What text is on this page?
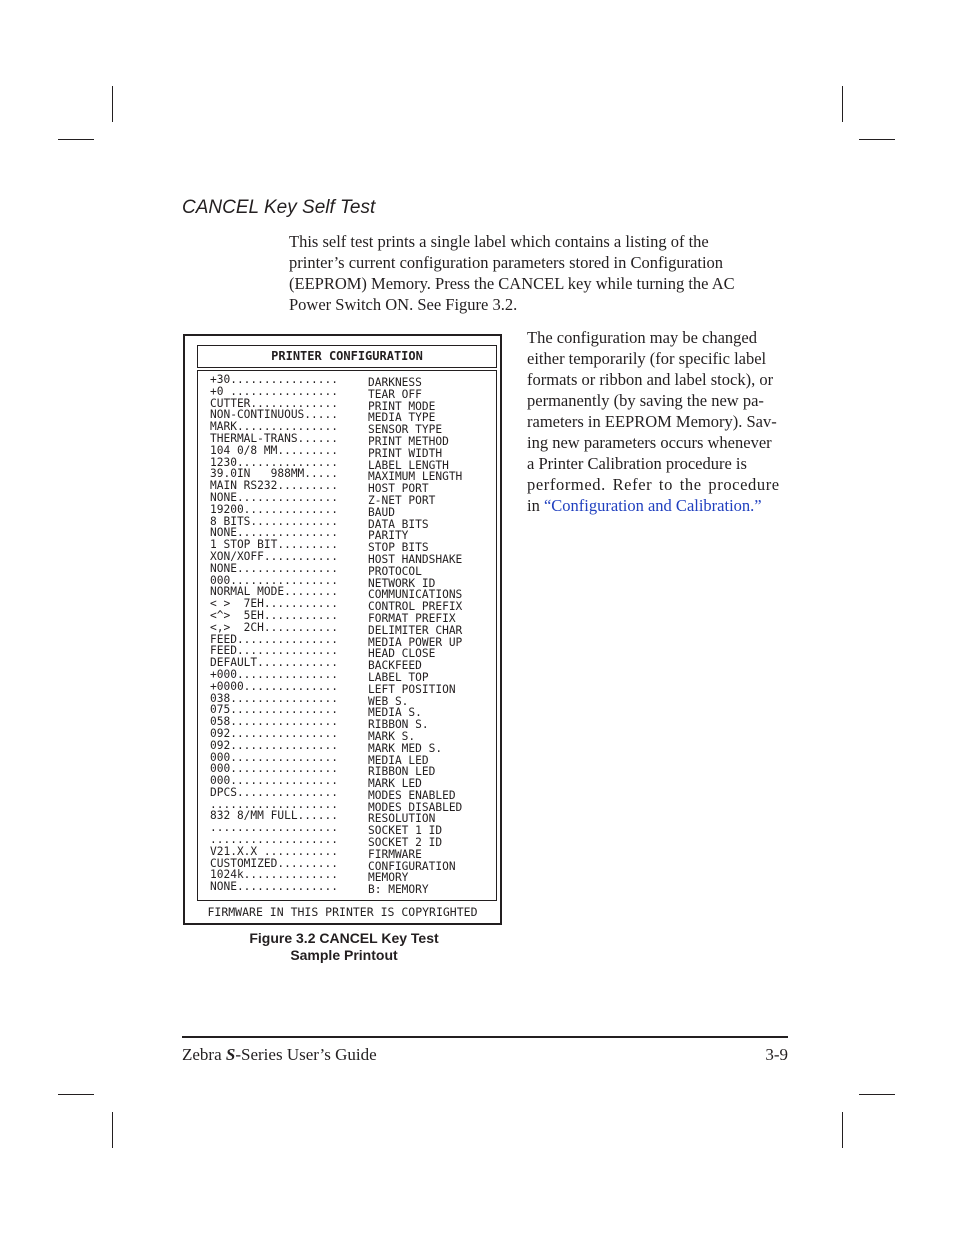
CANCEL Key Self Test

This self test prints a single label which contains a listing of the
printer’s current configuration parameters stored in Configuration
(EEPROM) Memory. Press the CANCEL key while turning the AC
Power Switch ON. See Figure 3.2.

PRINTER CONFIGURATION
+30................	DARKNESS
+0 ................	TEAR OFF
CUTTER.............	PRINT MODE
NON-CONTINUOUS.....	MEDIA TYPE
MARK...............	SENSOR TYPE
THERMAL-TRANS......	PRINT METHOD
104 0/8 MM.........	PRINT WIDTH
1230...............	LABEL LENGTH
39.0IN   988MM.....	MAXIMUM LENGTH
MAIN RS232.........	HOST PORT
NONE...............	Z-NET PORT
19200..............	BAUD
8 BITS.............	DATA BITS
NONE...............	PARITY
1 STOP BIT.........	STOP BITS
XON/XOFF...........	HOST HANDSHAKE
NONE...............	PROTOCOL
000................	NETWORK ID
NORMAL MODE........	COMMUNICATIONS
< >  7EH...........	CONTROL PREFIX
<^>  5EH...........	FORMAT PREFIX
<,>  2CH...........	DELIMITER CHAR
FEED...............	MEDIA POWER UP
FEED...............	HEAD CLOSE
DEFAULT............	BACKFEED
+000...............	LABEL TOP
+0000..............	LEFT POSITION
038................	WEB S.
075................	MEDIA S.
058................	RIBBON S.
092................	MARK S.
092................	MARK MED S.
000................	MEDIA LED
000................	RIBBON LED
000................	MARK LED
DPCS...............	MODES ENABLED
...................	MODES DISABLED
832 8/MM FULL......	RESOLUTION
...................	SOCKET 1 ID
...................	SOCKET 2 ID
V21.X.X ...........	FIRMWARE
CUSTOMIZED.........	CONFIGURATION
1024k..............	MEMORY
NONE...............	B: MEMORY
FIRMWARE IN THIS PRINTER IS COPYRIGHTED

The configuration may be changed
either temporarily (for specific label
formats or ribbon and label stock), or
permanently (by saving the new pa-
rameters in EEPROM Memory). Sav-
ing new parameters occurs whenever
a Printer Calibration procedure is
performed. Refer to the procedure
in “Configuration and Calibration.”

Figure 3.2 CANCEL Key Test
Sample Printout

Zebra S-Series User’s Guide	3-9
